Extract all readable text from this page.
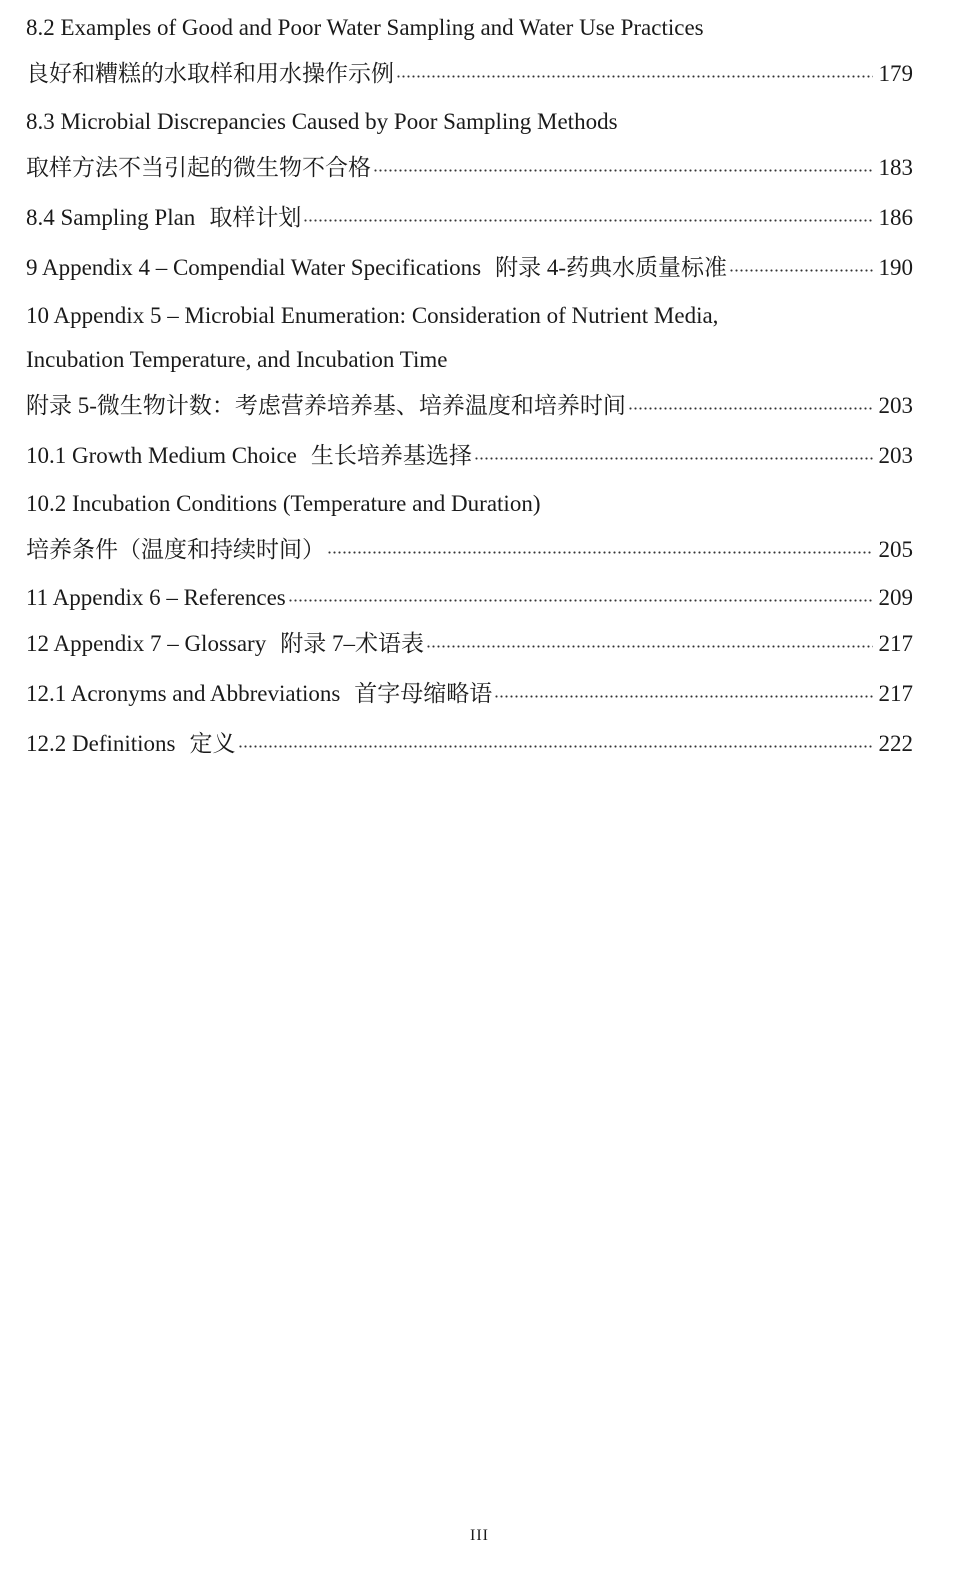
8.2 Examples of Good and Poor Water Sampling and Water Use Practices
良好和糟糕的水取样和用水操作示例	179
8.3 Microbial Discrepancies Caused by Poor Sampling Methods
取样方法不当引起的微生物不合格	183
8.4 Sampling Plan 取样计划	186
9 Appendix 4 – Compendial Water Specifications 附录 4-药典水质量标准	190
10 Appendix 5 – Microbial Enumeration: Consideration of Nutrient Media,
Incubation Temperature, and Incubation Time
附录 5-微生物计数：考虑营养培养基、培养温度和培养时间	203
10.1 Growth Medium Choice 生长培养基选择	203
10.2 Incubation Conditions (Temperature and Duration)
培养条件（温度和持续时间）	205
11 Appendix 6 – References	209
12 Appendix 7 – Glossary 附录 7–术语表	217
12.1 Acronyms and Abbreviations 首字母缩略语	217
12.2 Definitions 定义	222
III
